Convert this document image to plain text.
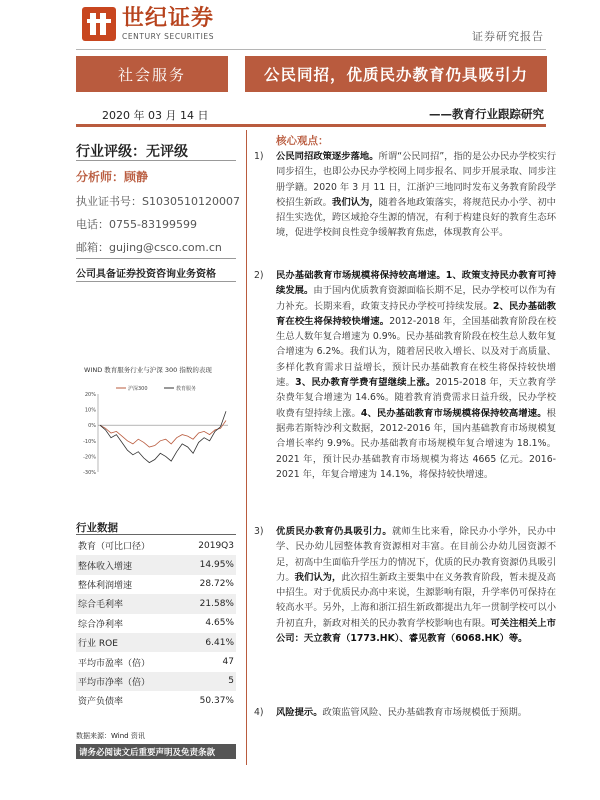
世纪证券
CENTURY SECURITIES	证券研究报告
社会服务	公民同招，优质民办教育仍具吸引力
2020 年 03 月 14 日	——教育行业跟踪研究
行业评级：无评级
分析师：顾静
执业证书号：S1030510120007
电话：0755-83199599
邮箱：gujing@csco.com.cn
公司具备证券投资咨询业务资格
WIND 教育服务行业与沪深 300 指数的表现
20%
10%
0%
-10%
-20%
-30%
沪深300	教育服务
行业数据
教育（可比口径）	2019Q3
整体收入增速	14.95%
整体利润增速	28.72%
综合毛利率	21.58%
综合净利率	4.65%
行业 ROE	6.41%
平均市盈率（倍）	47
平均市净率（倍）	5
资产负债率	50.37%
数据来源：Wind 资讯
请务必阅读文后重要声明及免责条款
核心观点：
1)	公民同招政策逐步落地。所谓“公民同招”，指的是公办民办学校实行同步招生，也即公办民办学校网上同步报名、同步开展录取、同步注册学籍。2020 年 3 月 11 日，江浙沪三地同时发布义务教育阶段学校招生新政。我们认为，随着各地政策落实，将规范民办小学、初中招生实选优，跨区域抢夺生源的情况，有利于构建良好的教育生态环境，促进学校间良性竞争缓解教育焦虑，体现教育公平。
2)	民办基础教育市场规模将保持较高增速。1、政策支持民办教育可持续发展。由于国内优质教育资源面临长期不足，民办学校可以作为有力补充。长期来看，政策支持民办学校可持续发展。2、民办基础教育在校生将保持较快增速。2012-2018 年，全国基础教育阶段在校生总人数年复合增速为 0.9%。民办基础教育阶段在校生总人数年复合增速为 6.2%。我们认为，随着居民收入增长、以及对于高质量、多样化教育需求日益增长，预计民办基础教育在校生将保持较快增速。3、民办教育学费有望继续上涨。2015-2018 年，天立教育学杂费年复合增速为 14.6%。随着教育消费需求日益升级，民办学校收费有望持续上涨。4、民办基础教育市场规模将保持较高增速。根据弗若斯特沙利文数据，2012-2016 年，国内基础教育市场规模复合增长率约 9.9%。民办基础教育市场规模年复合增速为 18.1%。2021 年，预计民办基础教育市场规模为将达 4665 亿元。2016-2021 年，年复合增速为 14.1%，将保持较快增速。
3)	优质民办教育仍具吸引力。就师生比来看，除民办小学外，民办中学、民办幼儿园整体教育资源相对丰富。在目前公办幼儿园资源不足，初高中生面临升学压力的情况下，优质的民办教育资源仍具吸引力。我们认为，此次招生新政主要集中在义务教育阶段，暂未提及高中招生。对于优质民办高中来说，生源影响有限，升学率仍可保持在较高水平。另外，上海和浙江招生新政都提出九年一贯制学校可以小升初直升，新政对相关的民办教育学校影响也有限。可关注相关上市公司：天立教育（1773.HK）、睿见教育（6068.HK）等。
4)	风险提示。政策监管风险、民办基础教育市场规模低于预期。
